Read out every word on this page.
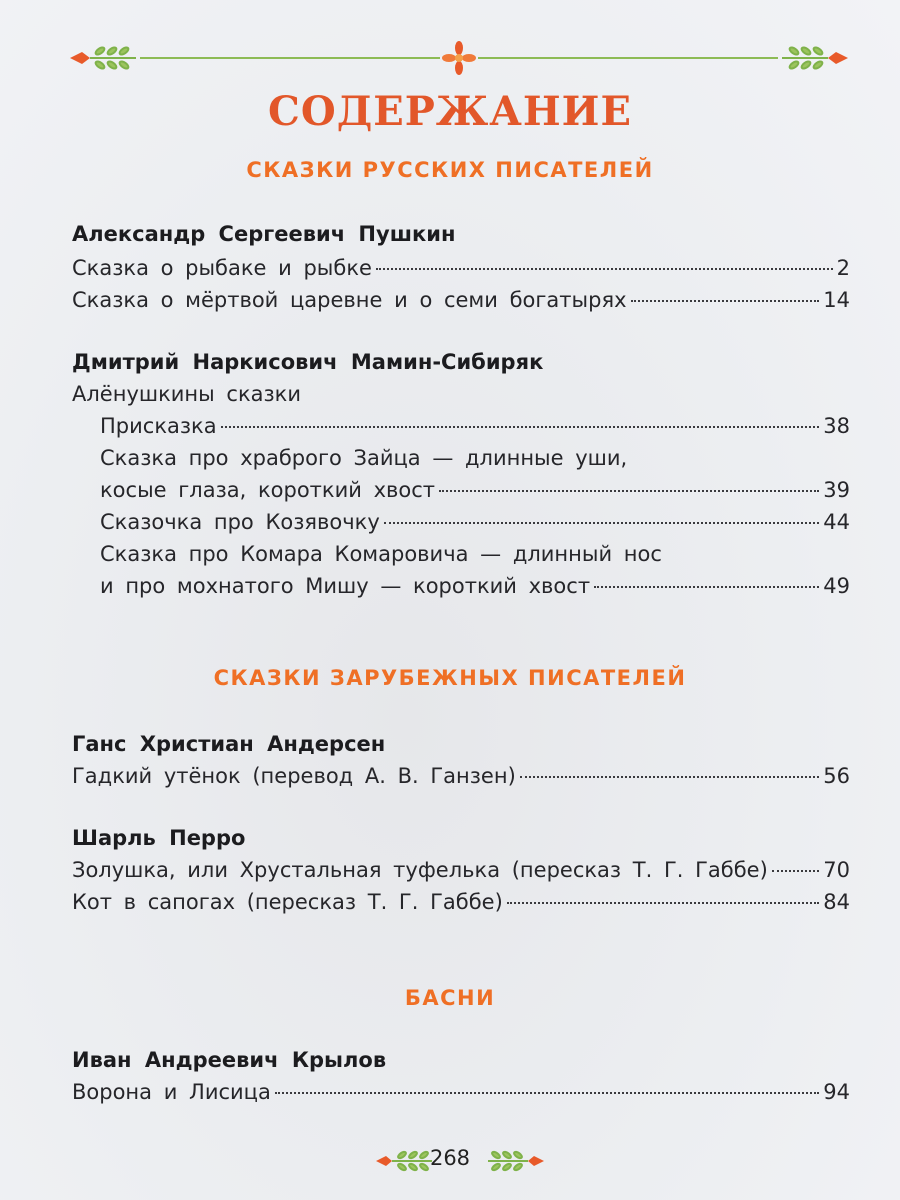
СОДЕРЖАНИЕ
СКАЗКИ РУССКИХ ПИСАТЕЛЕЙ
Александр Сергеевич Пушкин
Сказка о рыбаке и рыбке	2
Сказка о мёртвой царевне и о семи богатырях	14
Дмитрий Наркисович Мамин-Сибиряк
Алёнушкины сказки
Присказка	38
Сказка про храброго Зайца — длинные уши,
косые глаза, короткий хвост	39
Сказочка про Козявочку	44
Сказка про Комара Комаровича — длинный нос
и про мохнатого Мишу — короткий хвост	49
СКАЗКИ ЗАРУБЕЖНЫХ ПИСАТЕЛЕЙ
Ганс Христиан Андерсен
Гадкий утёнок (перевод А. В. Ганзен)	56
Шарль Перро
Золушка, или Хрустальная туфелька (пересказ Т. Г. Габбе)	70
Кот в сапогах (пересказ Т. Г. Габбе)	84
БАСНИ
Иван Андреевич Крылов
Ворона и Лисица	94
268
